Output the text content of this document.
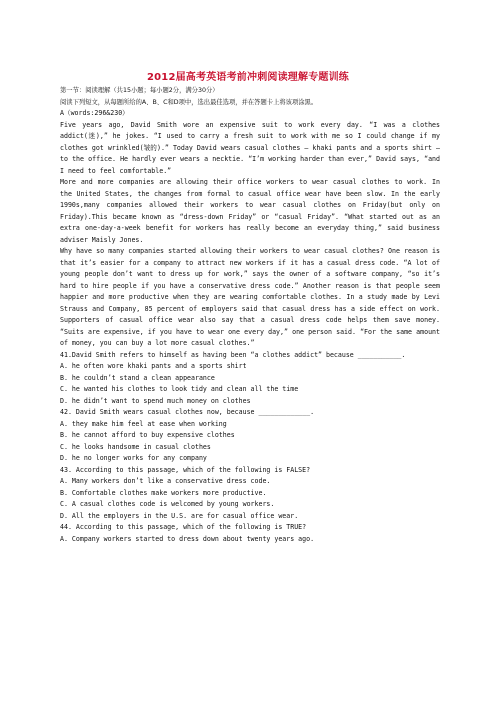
2012届高考英语考前冲刺阅读理解专题训练

第一节：阅读理解（共15小题；每小题2分，满分30分）

阅读下列短文，从每题所给的A、B、C和D项中，选出最佳选项，并在答题卡上将该项涂黑。

A（words:296&230）

Five years ago, David Smith wore an expensive suit to work every day. “I was a clothes addict(迷),” he jokes. “I used to carry a fresh suit to work with me so I could change if my clothes got wrinkled(皱的).” Today David wears casual clothes — khaki pants and a sports shirt — to the office. He hardly ever wears a necktie. “I’m working harder than ever,” David says, “and I need to feel comfortable.”

More and more companies are allowing their office workers to wear casual clothes to work. In the United States, the changes from formal to casual office wear have been slow. In the early 1990s,many companies allowed their workers to wear casual clothes on Friday(but only on Friday).This became known as “dress-down Friday” or “casual Friday”. “What started out as an extra one-day-a-week benefit for workers has really become an everyday thing,” said business adviser Maisly Jones.

Why have so many companies started allowing their workers to wear casual clothes? One reason is that it’s easier for a company to attract new workers if it has a casual dress code. “A lot of young people don’t want to dress up for work,” says the owner of a software company, “so it’s hard to hire people if you have a conservative dress code.” Another reason is that people seem happier and more productive when they are wearing comfortable clothes. In a study made by Levi Strauss and Company, 85 percent of employers said that casual dress has a side effect on work. Supporters of casual office wear also say that a casual dress code helps them save money. “Suits are expensive, if you have to wear one every day,” one person said. “For the same amount of money, you can buy a lot more casual clothes.”

41.David Smith refers to himself as having been “a clothes addict” because ___________.

A. he often wore khaki pants and a sports shirt

B. he couldn’t stand a clean appearance

C. he wanted his clothes to look tidy and clean all the time

D. he didn’t want to spend much money on clothes

42. David Smith wears casual clothes now, because _____________.

A. they make him feel at ease when working

B. he cannot afford to buy expensive clothes

C. he looks handsome in casual clothes

D. he no longer works for any company

43. According to this passage, which of the following is FALSE?

A. Many workers don’t like a conservative dress code.

B. Comfortable clothes make workers more productive.

C. A casual clothes code is welcomed by young workers.

D. All the employers in the U.S. are for casual office wear.

44. According to this passage, which of the following is TRUE?

A. Company workers started to dress down about twenty years ago.
